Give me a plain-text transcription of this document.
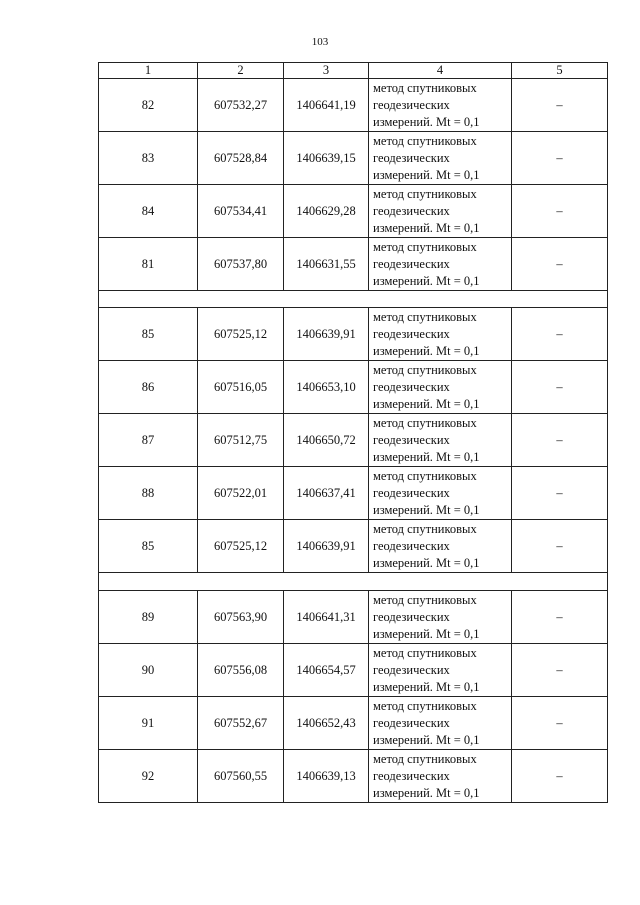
103
1	2	3	4	5
82	607532,27	1406641,19	метод спутниковых
геодезических
измерений. Mt = 0,1	–
83	607528,84	1406639,15	метод спутниковых
геодезических
измерений. Mt = 0,1	–
84	607534,41	1406629,28	метод спутниковых
геодезических
измерений. Mt = 0,1	–
81	607537,80	1406631,55	метод спутниковых
геодезических
измерений. Mt = 0,1	–

85	607525,12	1406639,91	метод спутниковых
геодезических
измерений. Mt = 0,1	–
86	607516,05	1406653,10	метод спутниковых
геодезических
измерений. Mt = 0,1	–
87	607512,75	1406650,72	метод спутниковых
геодезических
измерений. Mt = 0,1	–
88	607522,01	1406637,41	метод спутниковых
геодезических
измерений. Mt = 0,1	–
85	607525,12	1406639,91	метод спутниковых
геодезических
измерений. Mt = 0,1	–

89	607563,90	1406641,31	метод спутниковых
геодезических
измерений. Mt = 0,1	–
90	607556,08	1406654,57	метод спутниковых
геодезических
измерений. Mt = 0,1	–
91	607552,67	1406652,43	метод спутниковых
геодезических
измерений. Mt = 0,1	–
92	607560,55	1406639,13	метод спутниковых
геодезических
измерений. Mt = 0,1	–
